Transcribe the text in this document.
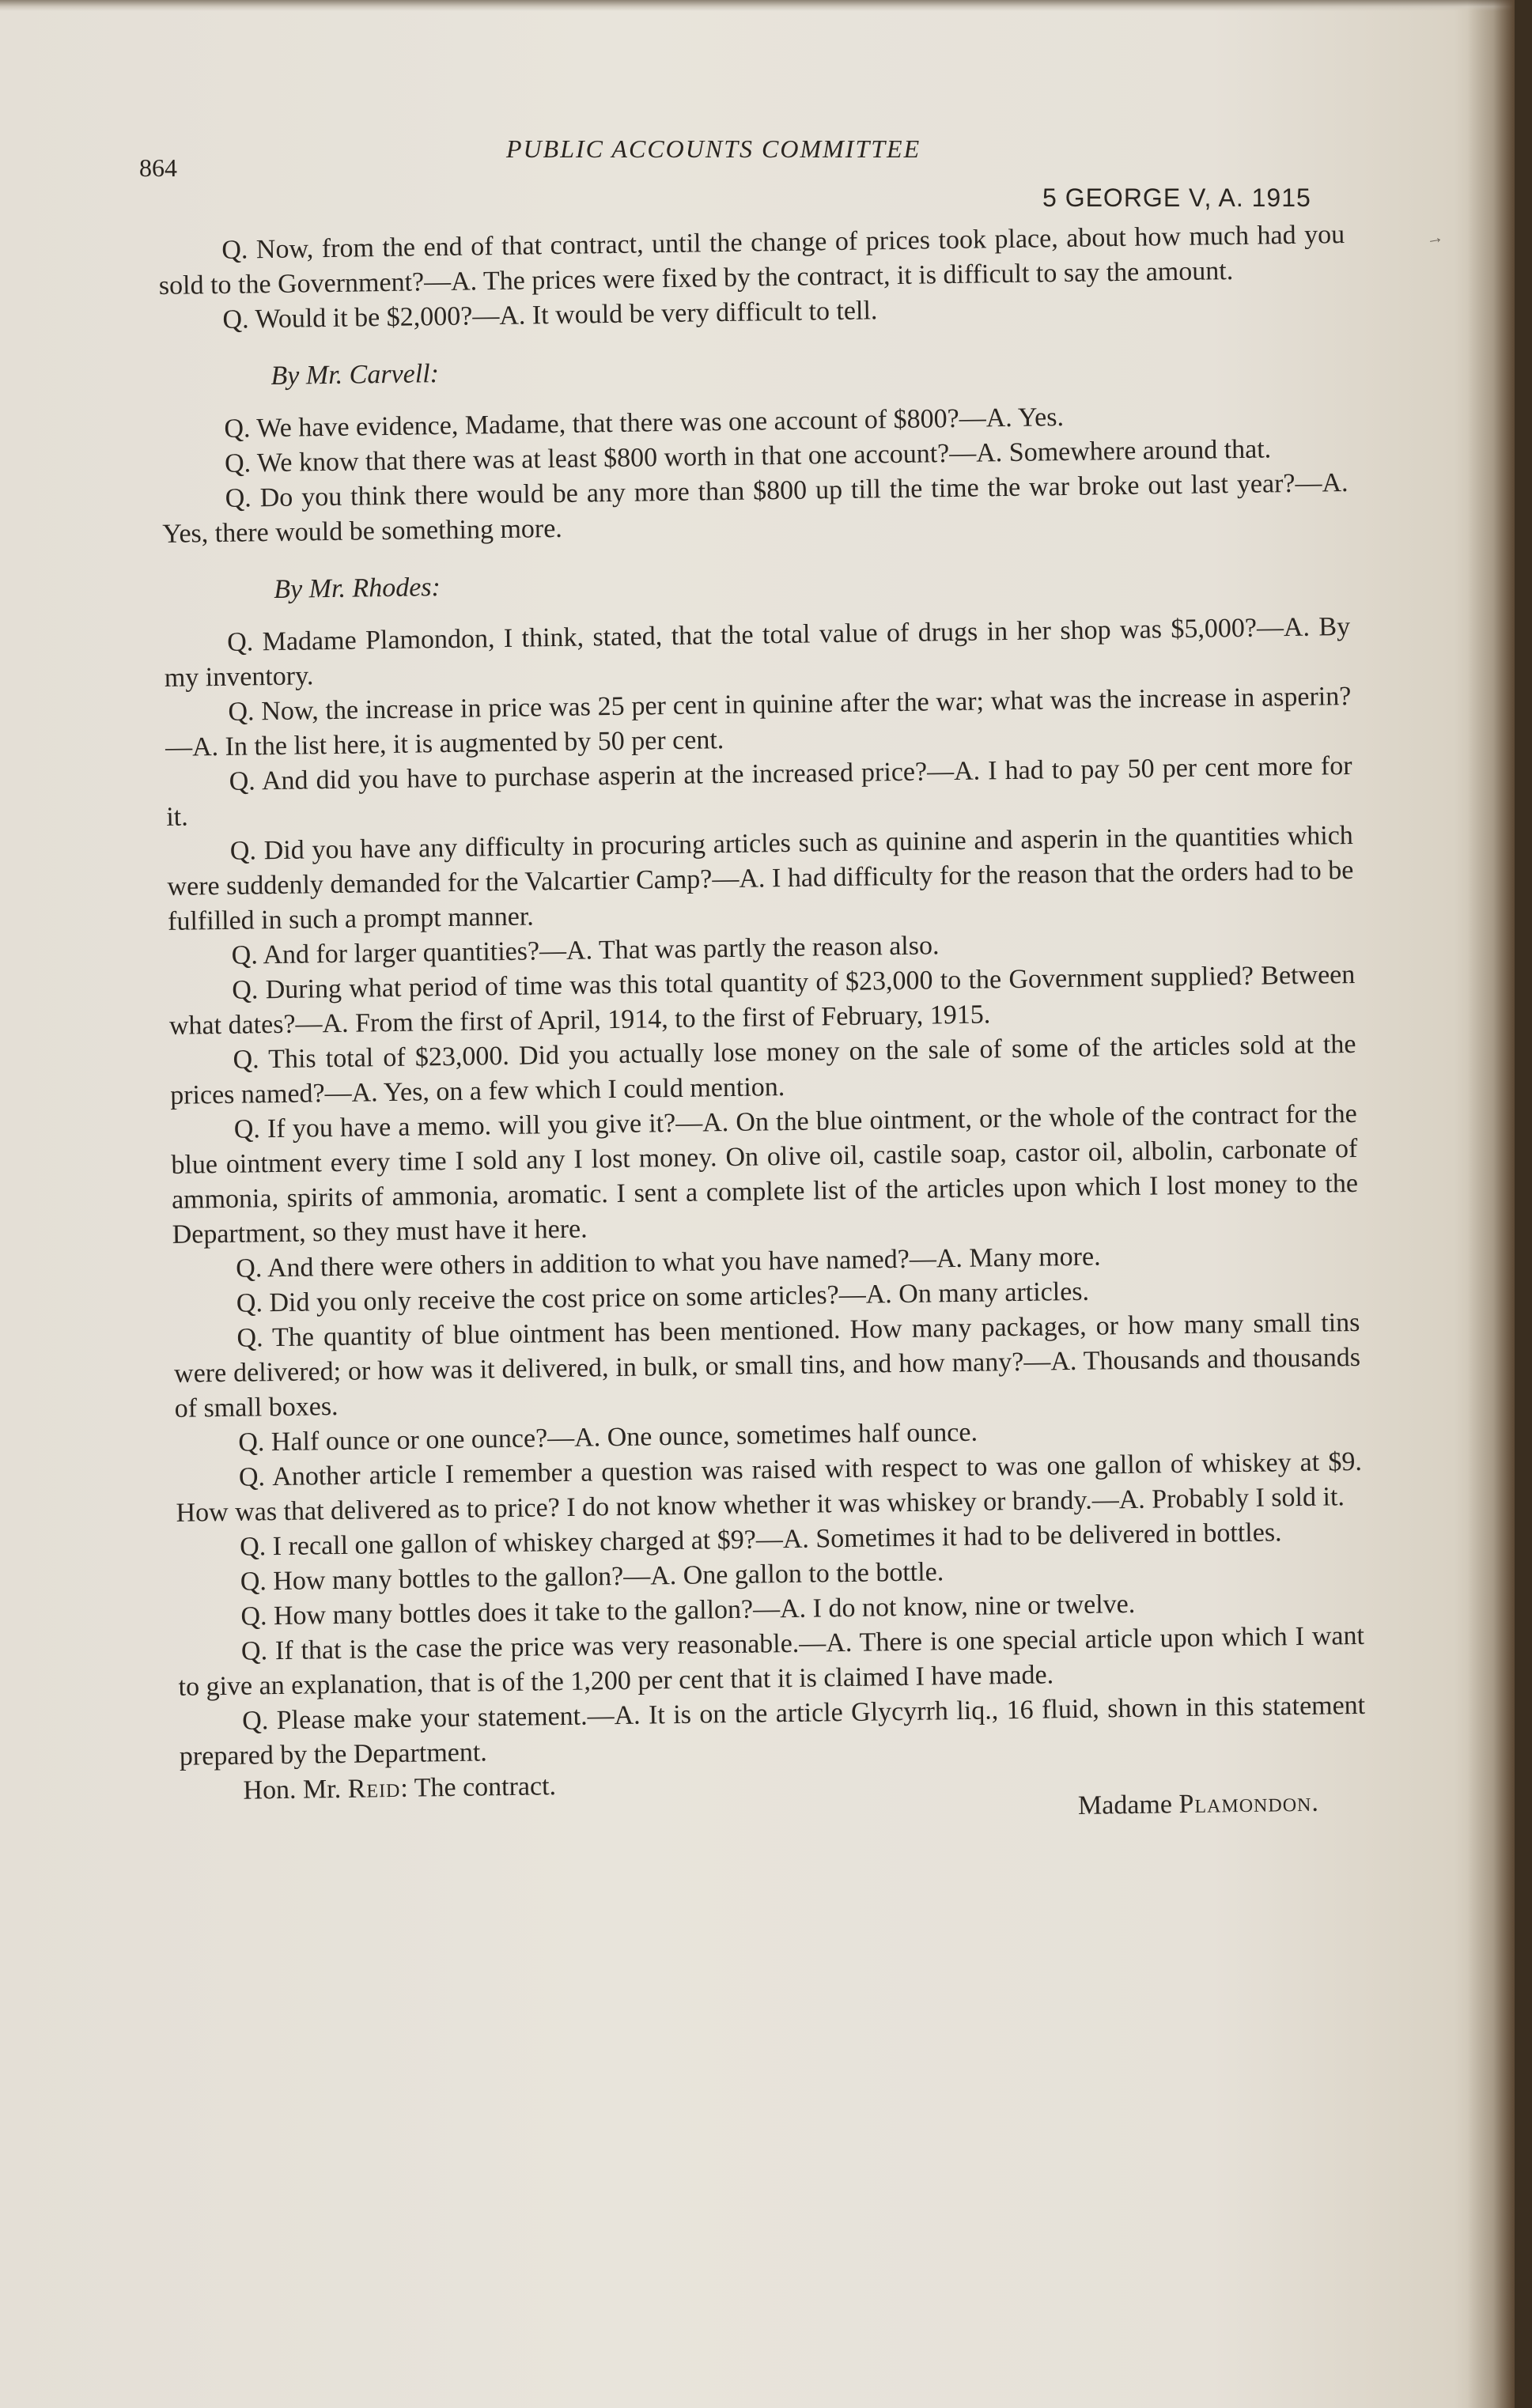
864
PUBLIC ACCOUNTS COMMITTEE
5 GEORGE V, A. 1915
→

Q. Now, from the end of that contract, until the change of prices took place, about how much had you sold to the Government?—A. The prices were fixed by the contract, it is difficult to say the amount.

Q. Would it be $2,000?—A. It would be very difficult to tell.

By Mr. Carvell:

Q. We have evidence, Madame, that there was one account of $800?—A. Yes.

Q. We know that there was at least $800 worth in that one account?—A. Somewhere around that.

Q. Do you think there would be any more than $800 up till the time the war broke out last year?—A. Yes, there would be something more.

By Mr. Rhodes:

Q. Madame Plamondon, I think, stated, that the total value of drugs in her shop was $5,000?—A. By my inventory.

Q. Now, the increase in price was 25 per cent in quinine after the war; what was the increase in asperin?—A. In the list here, it is augmented by 50 per cent.

Q. And did you have to purchase asperin at the increased price?—A. I had to pay 50 per cent more for it.

Q. Did you have any difficulty in procuring articles such as quinine and asperin in the quantities which were suddenly demanded for the Valcartier Camp?—A. I had difficulty for the reason that the orders had to be fulfilled in such a prompt manner.

Q. And for larger quantities?—A. That was partly the reason also.

Q. During what period of time was this total quantity of $23,000 to the Government supplied? Between what dates?—A. From the first of April, 1914, to the first of February, 1915.

Q. This total of $23,000. Did you actually lose money on the sale of some of the articles sold at the prices named?—A. Yes, on a few which I could mention.

Q. If you have a memo. will you give it?—A. On the blue ointment, or the whole of the contract for the blue ointment every time I sold any I lost money. On olive oil, castile soap, castor oil, albolin, carbonate of ammonia, spirits of ammonia, aromatic. I sent a complete list of the articles upon which I lost money to the Department, so they must have it here.

Q. And there were others in addition to what you have named?—A. Many more.

Q. Did you only receive the cost price on some articles?—A. On many articles.

Q. The quantity of blue ointment has been mentioned. How many packages, or how many small tins were delivered; or how was it delivered, in bulk, or small tins, and how many?—A. Thousands and thousands of small boxes.

Q. Half ounce or one ounce?—A. One ounce, sometimes half ounce.

Q. Another article I remember a question was raised with respect to was one gallon of whiskey at $9. How was that delivered as to price? I do not know whether it was whiskey or brandy.—A. Probably I sold it.

Q. I recall one gallon of whiskey charged at $9?—A. Sometimes it had to be delivered in bottles.

Q. How many bottles to the gallon?—A. One gallon to the bottle.

Q. How many bottles does it take to the gallon?—A. I do not know, nine or twelve.

Q. If that is the case the price was very reasonable.—A. There is one special article upon which I want to give an explanation, that is of the 1,200 per cent that it is claimed I have made.

Q. Please make your statement.—A. It is on the article Glycyrrh liq., 16 fluid, shown in this statement prepared by the Department.

Hon. Mr. Reid: The contract.

Madame Plamondon.
